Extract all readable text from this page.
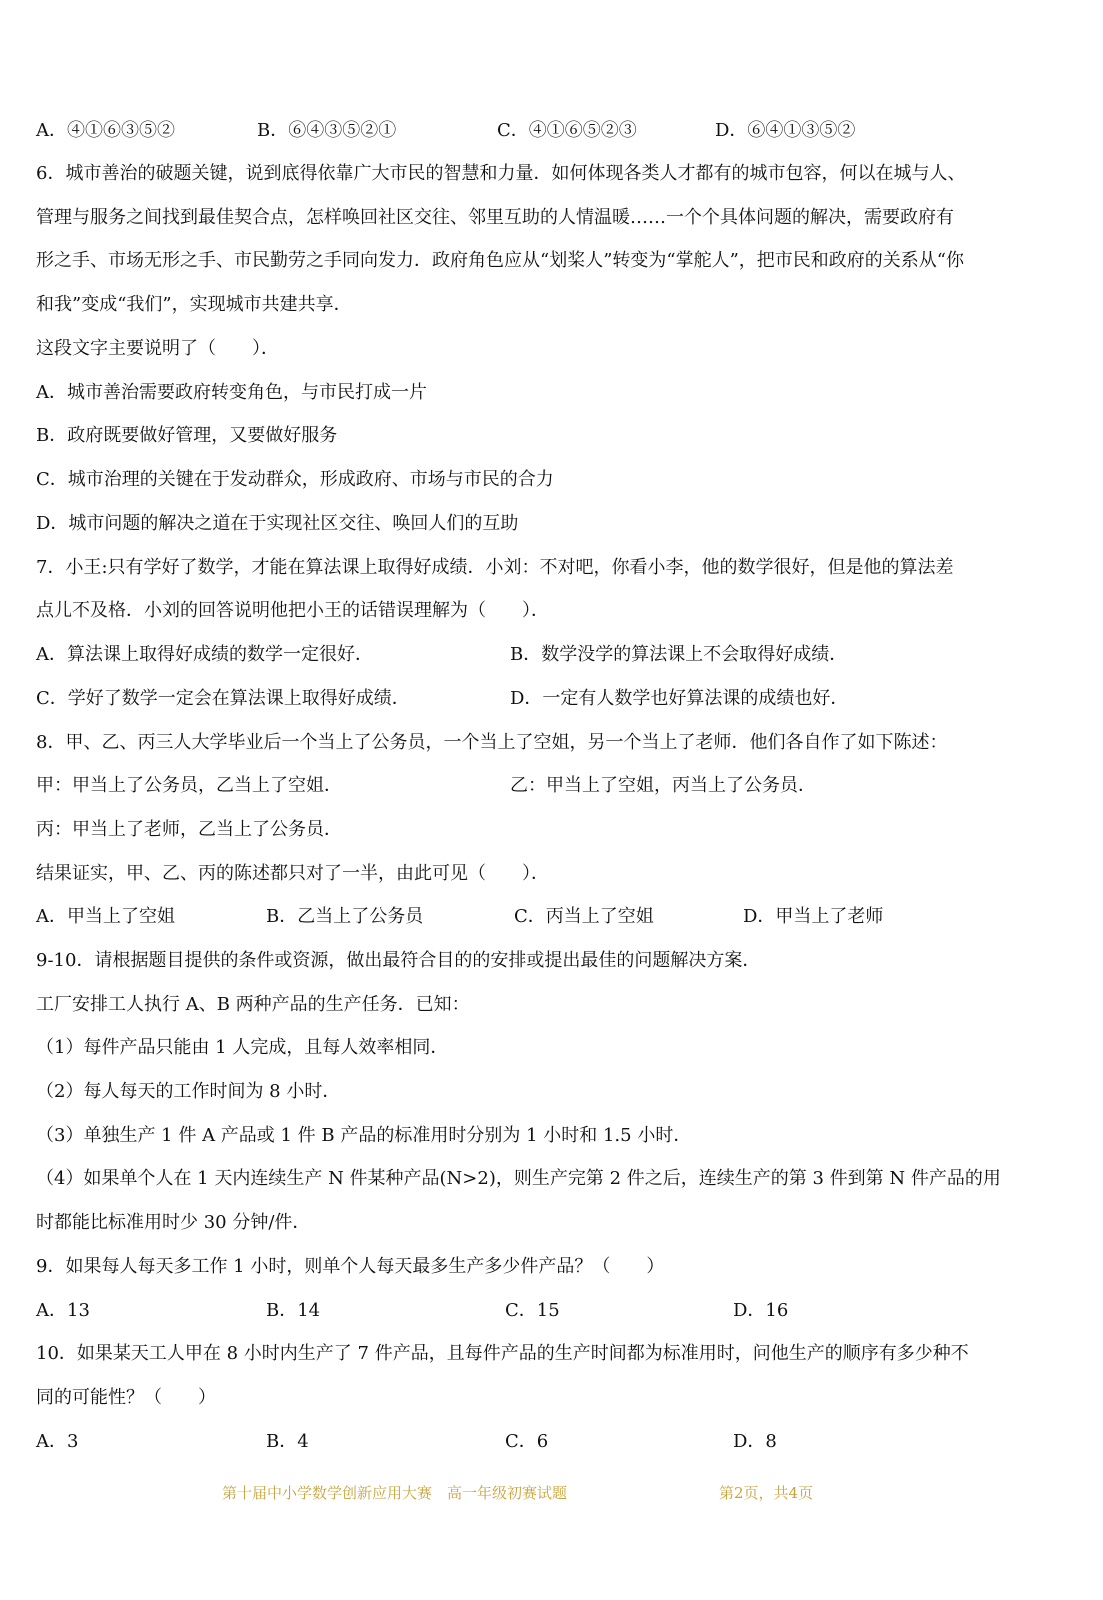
A．④①⑥③⑤②	B．⑥④③⑤②①	C．④①⑥⑤②③	D．⑥④①③⑤②
6．城市善治的破题关键，说到底得依靠广大市民的智慧和力量．如何体现各类人才都有的城市包容，何以在城与人、
管理与服务之间找到最佳契合点，怎样唤回社区交往、邻里互助的人情温暖……一个个具体问题的解决，需要政府有
形之手、市场无形之手、市民勤劳之手同向发力．政府角色应从“划桨人”转变为“掌舵人”，把市民和政府的关系从“你
和我”变成“我们”，实现城市共建共享．
这段文字主要说明了（　　）．
A．城市善治需要政府转变角色，与市民打成一片
B．政府既要做好管理，又要做好服务
C．城市治理的关键在于发动群众，形成政府、市场与市民的合力
D．城市问题的解决之道在于实现社区交往、唤回人们的互助
7．小王:只有学好了数学，才能在算法课上取得好成绩．小刘：不对吧，你看小李，他的数学很好，但是他的算法差
点儿不及格．小刘的回答说明他把小王的话错误理解为（　　）．
A．算法课上取得好成绩的数学一定很好．	B．数学没学的算法课上不会取得好成绩．
C．学好了数学一定会在算法课上取得好成绩．	D．一定有人数学也好算法课的成绩也好．
8．甲、乙、丙三人大学毕业后一个当上了公务员，一个当上了空姐，另一个当上了老师．他们各自作了如下陈述：
甲：甲当上了公务员，乙当上了空姐．	乙：甲当上了空姐，丙当上了公务员．
丙：甲当上了老师，乙当上了公务员．
结果证实，甲、乙、丙的陈述都只对了一半，由此可见（　　）．
A．甲当上了空姐	B．乙当上了公务员	C．丙当上了空姐	D．甲当上了老师
9-10．请根据题目提供的条件或资源，做出最符合目的的安排或提出最佳的问题解决方案．
工厂安排工人执行 A、B 两种产品的生产任务．已知：
（1）每件产品只能由 1 人完成，且每人效率相同．
（2）每人每天的工作时间为 8 小时．
（3）单独生产 1 件 A 产品或 1 件 B 产品的标准用时分别为 1 小时和 1.5 小时．
（4）如果单个人在 1 天内连续生产 N 件某种产品(N>2)，则生产完第 2 件之后，连续生产的第 3 件到第 N 件产品的用
时都能比标准用时少 30 分钟/件．
9．如果每人每天多工作 1 小时，则单个人每天最多生产多少件产品？（　　）
A．13	B．14	C．15	D．16
10．如果某天工人甲在 8 小时内生产了 7 件产品，且每件产品的生产时间都为标准用时，问他生产的顺序有多少种不
同的可能性？（　　）
A．3	B．4	C．6	D．8
第十届中小学数学创新应用大赛　高一年级初赛试题	第2页，共4页
